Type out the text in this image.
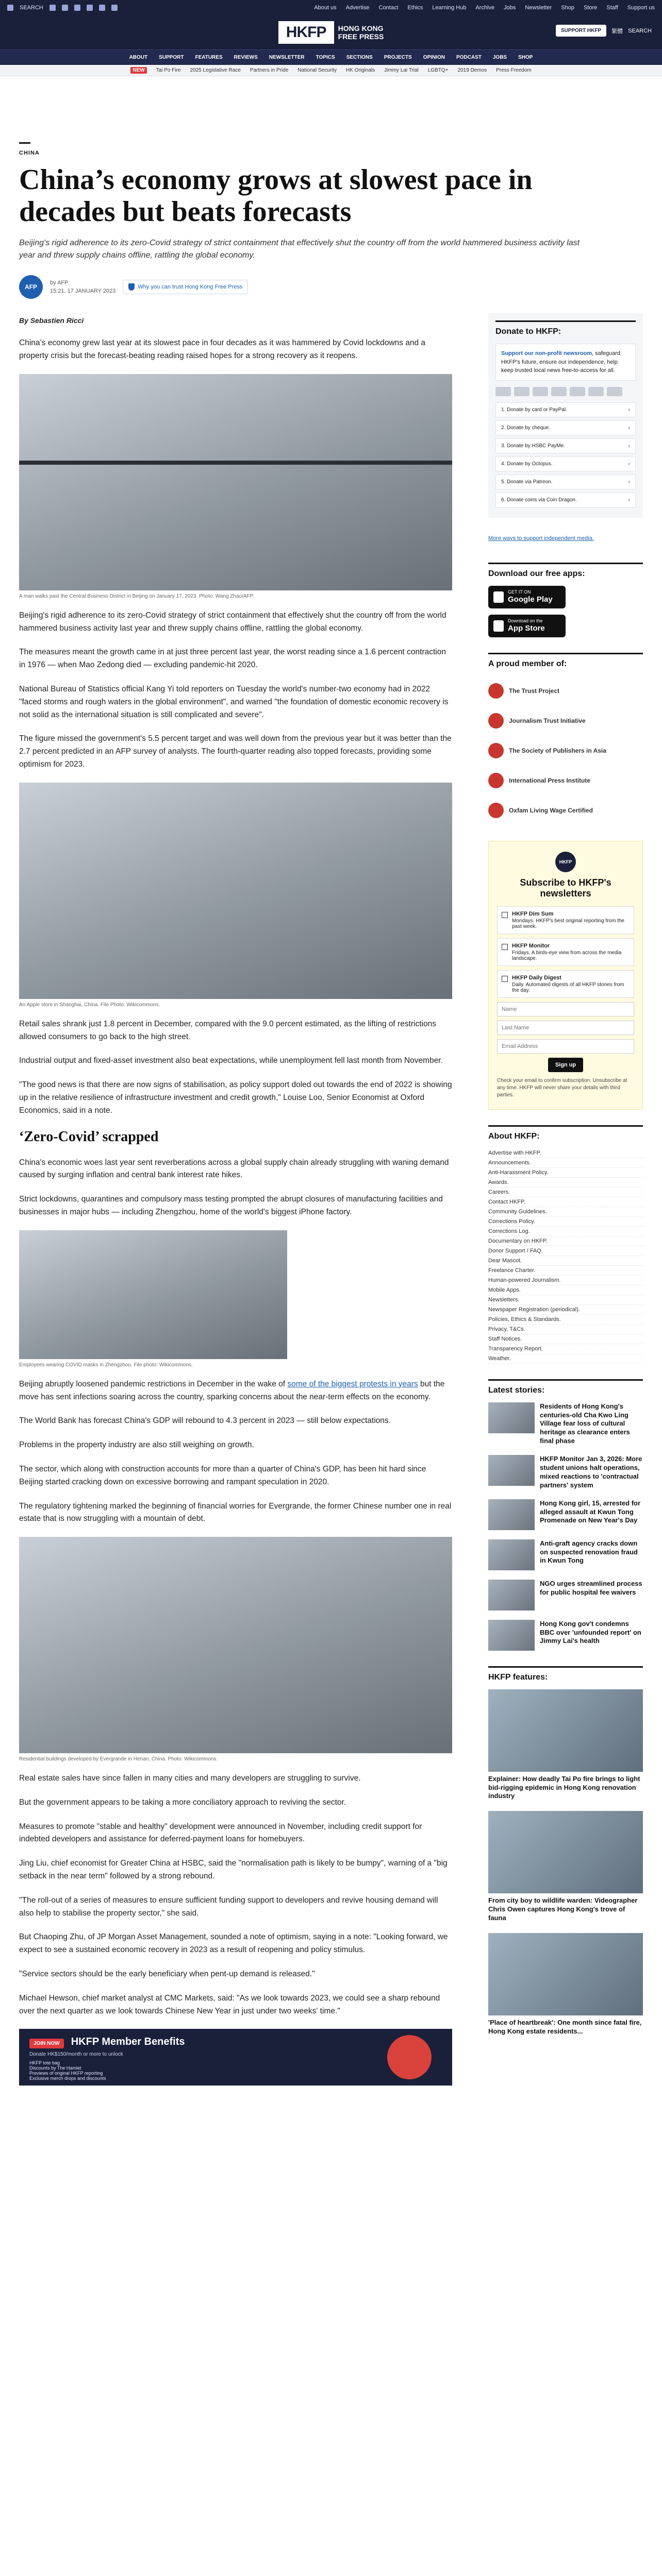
SEARCH	About us Advertise Contact Ethics Learning Hub Archive Jobs Newsletter Shop Store Staff Support us
HKFP	HONG KONG
FREE PRESS
SUPPORT HKFP	繁體 SEARCH
ABOUT SUPPORT FEATURES REVIEWS NEWSLETTER TOPICS SECTIONS PROJECTS OPINION PODCAST JOBS SHOP
NEW	Tai Po Fire 2025 Legislative Race Partners in Pride National Security HK Originals Jimmy Lai Trial LGBTQ+ 2019 Demos Press Freedom
CHINA
China’s economy grows at slowest pace in decades but beats forecasts

Beijing's rigid adherence to its zero-Covid strategy of strict containment that effectively shut the country off from the world hammered business activity last year and threw supply chains offline, rattling the global economy.

AFP
by AFP
15:21, 17 JANUARY 2023
Why you can trust Hong Kong Free Press
By Sebastien Ricci

China’s economy grew last year at its slowest pace in four decades as it was hammered by Covid lockdowns and a property crisis but the forecast-beating reading raised hopes for a strong recovery as it reopens.

A man walks past the Central Business District in Beijing on January 17, 2023. Photo: Wang Zhao/AFP.

Beijing's rigid adherence to its zero-Covid strategy of strict containment that effectively shut the country off from the world hammered business activity last year and threw supply chains offline, rattling the global economy.

The measures meant the growth came in at just three percent last year, the worst reading since a 1.6 percent contraction in 1976 — when Mao Zedong died — excluding pandemic-hit 2020.

National Bureau of Statistics official Kang Yi told reporters on Tuesday the world's number-two economy had in 2022 "faced storms and rough waters in the global environment", and warned "the foundation of domestic economic recovery is not solid as the international situation is still complicated and severe".

The figure missed the government's 5.5 percent target and was well down from the previous year but it was better than the 2.7 percent predicted in an AFP survey of analysts. The fourth-quarter reading also topped forecasts, providing some optimism for 2023.

An Apple store in Shanghai, China. File Photo: Wikicommons.

Retail sales shrank just 1.8 percent in December, compared with the 9.0 percent estimated, as the lifting of restrictions allowed consumers to go back to the high street.

Industrial output and fixed-asset investment also beat expectations, while unemployment fell last month from November.

"The good news is that there are now signs of stabilisation, as policy support doled out towards the end of 2022 is showing up in the relative resilience of infrastructure investment and credit growth," Louise Loo, Senior Economist at Oxford Economics, said in a note.

‘Zero-Covid’ scrapped

China's economic woes last year sent reverberations across a global supply chain already struggling with waning demand caused by surging inflation and central bank interest rate hikes.

Strict lockdowns, quarantines and compulsory mass testing prompted the abrupt closures of manufacturing facilities and businesses in major hubs — including Zhengzhou, home of the world's biggest iPhone factory.

Employees wearing COVID masks in Zhengzhou. File photo: Wikicommons.

Beijing abruptly loosened pandemic restrictions in December in the wake of some of the biggest protests in years but the move has sent infections soaring across the country, sparking concerns about the near-term effects on the economy.

The World Bank has forecast China's GDP will rebound to 4.3 percent in 2023 — still below expectations.

Problems in the property industry are also still weighing on growth.

The sector, which along with construction accounts for more than a quarter of China's GDP, has been hit hard since Beijing started cracking down on excessive borrowing and rampant speculation in 2020.

The regulatory tightening marked the beginning of financial worries for Evergrande, the former Chinese number one in real estate that is now struggling with a mountain of debt.

Residential buildings developed by Evergrande in Henan, China. Photo: Wikicommons.

Real estate sales have since fallen in many cities and many developers are struggling to survive.

But the government appears to be taking a more conciliatory approach to reviving the sector.

Measures to promote "stable and healthy" development were announced in November, including credit support for indebted developers and assistance for deferred-payment loans for homebuyers.

Jing Liu, chief economist for Greater China at HSBC, said the "normalisation path is likely to be bumpy", warning of a "big setback in the near term" followed by a strong rebound.

"The roll-out of a series of measures to ensure sufficient funding support to developers and revive housing demand will also help to stabilise the property sector," she said.

But Chaoping Zhu, of JP Morgan Asset Management, sounded a note of optimism, saying in a note: "Looking forward, we expect to see a sustained economic recovery in 2023 as a result of reopening and policy stimulus.

"Service sectors should be the early beneficiary when pent-up demand is released."

Michael Hewson, chief market analyst at CMC Markets, said: "As we look towards 2023, we could see a sharp rebound over the next quarter as we look towards Chinese New Year in just under two weeks' time."

JOIN NOW HKFP Member Benefits
Donate HK$150/month or more to unlock
HKFP tote bag
Discounts by The Hamlet
Previews of original HKFP reporting
Exclusive merch drops and discounts
Donate to HKFP:
Support our non-profit newsroom, safeguard HKFP's future, ensure our independence, help keep trusted local news free-to-access for all.
1. Donate by card or PayPal.	›
2. Donate by cheque.	›
3. Donate by HSBC PayMe.	›
4. Donate by Octopus.	›
5. Donate via Patreon.	›
6. Donate coins via Coin Dragon.	›
More ways to support independent media.
Download our free apps:
GET IT ON
Google Play
Download on the
App Store
A proud member of:
The Trust Project
Journalism Trust Initiative
The Society of Publishers in Asia
International Press Institute
Oxfam Living Wage Certified
HKFP
Subscribe to HKFP's newsletters
HKFP Dim Sum
Mondays. HKFP's best original reporting from the past week.
HKFP Monitor
Fridays. A birds-eye view from across the media landscape.
HKFP Daily Digest
Daily. Automated digests of all HKFP stories from the day.
Name Last Name Email Address Sign up
Check your email to confirm subscription. Unsubscribe at any time. HKFP will never share your details with third parties.
About HKFP:
Advertise with HKFP.
Announcements.
Anti-Harassment Policy.
Awards.
Careers.
Contact HKFP.
Community Guidelines.
Corrections Policy.
Corrections Log.
Documentary on HKFP.
Donor Support / FAQ.
Dear Mascot.
Freelance Charter.
Human-powered Journalism.
Mobile Apps.
Newsletters.
Newspaper Registration (periodical).
Policies, Ethics & Standards.
Privacy, T&Cs.
Staff Notices.
Transparency Report.
Weather.
Latest stories:
Residents of Hong Kong's centuries-old Cha Kwo Ling Village fear loss of cultural heritage as clearance enters final phase
HKFP Monitor Jan 3, 2026: More student unions halt operations, mixed reactions to 'contractual partners' system
Hong Kong girl, 15, arrested for alleged assault at Kwun Tong Promenade on New Year's Day
Anti-graft agency cracks down on suspected renovation fraud in Kwun Tong
NGO urges streamlined process for public hospital fee waivers
Hong Kong gov't condemns BBC over 'unfounded report' on Jimmy Lai's health
HKFP features:
Explainer: How deadly Tai Po fire brings to light bid-rigging epidemic in Hong Kong renovation industry
From city boy to wildlife warden: Videographer Chris Owen captures Hong Kong's trove of fauna
'Place of heartbreak': One month since fatal fire, Hong Kong estate residents...
